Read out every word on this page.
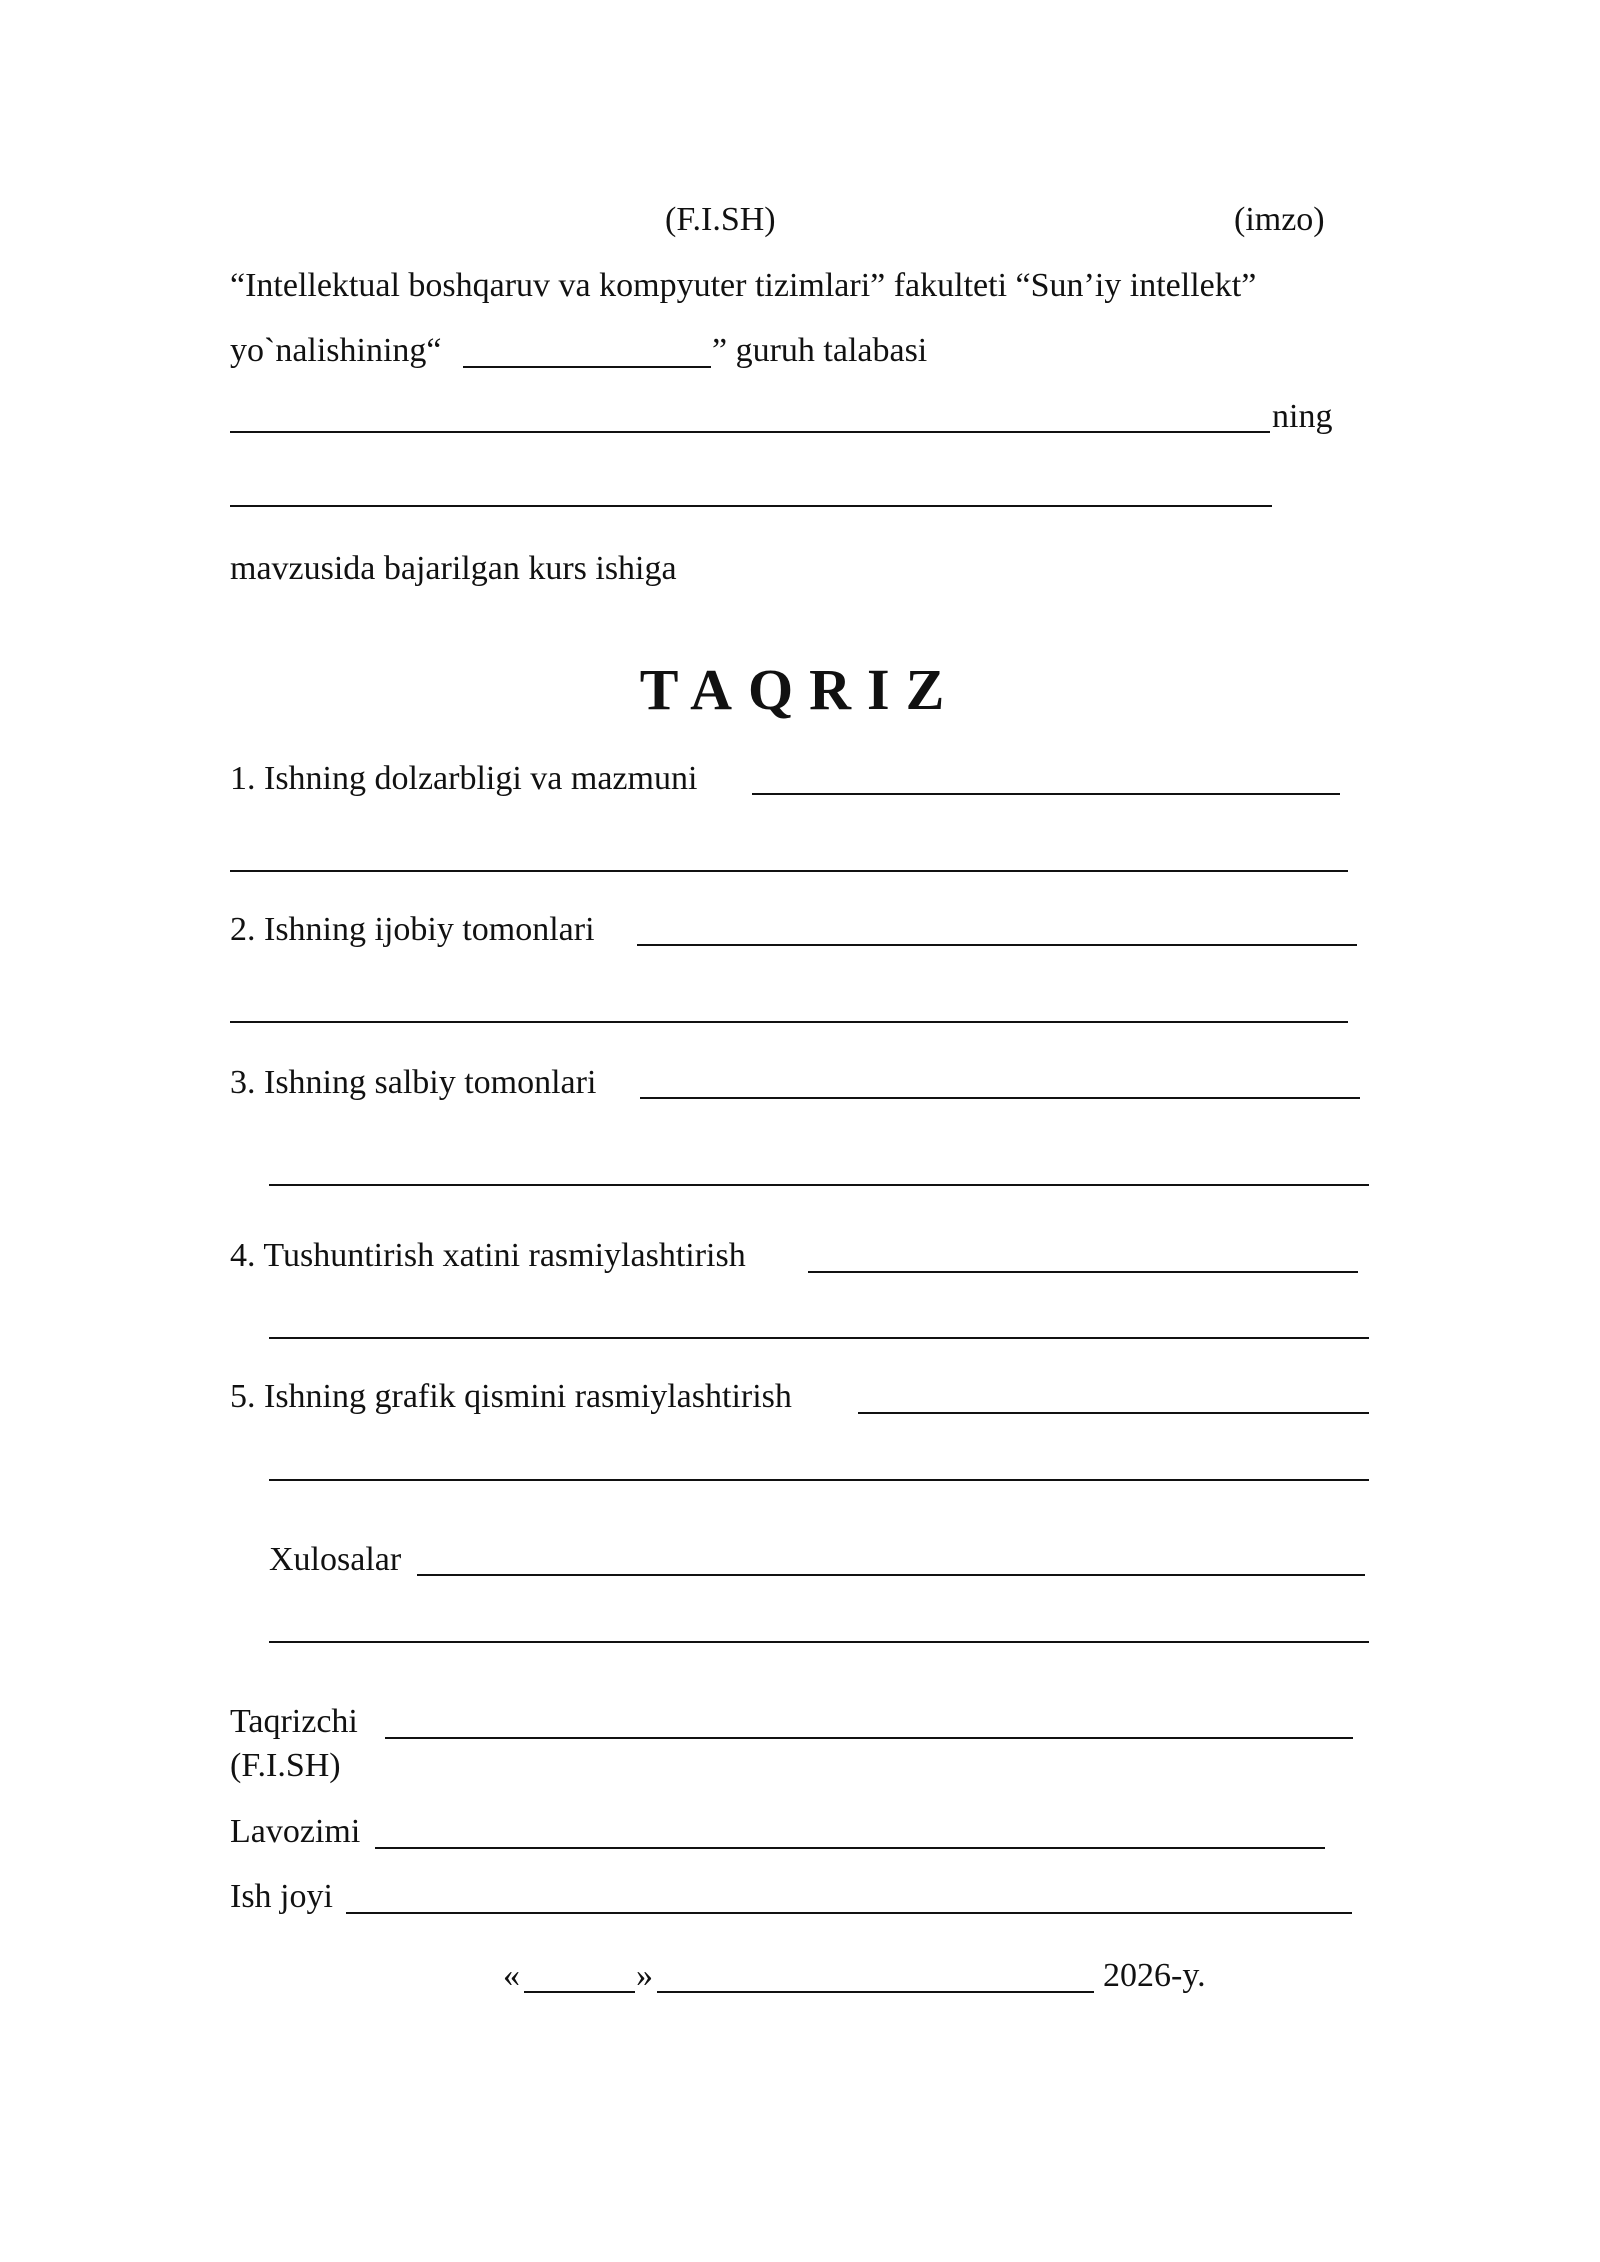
(F.I.SH)	(imzo)
“Intellektual boshqaruv va kompyuter tizimlari” fakulteti “Sun’iy intellekt”
yo`nalishining“	” guruh talabasi
ning
mavzusida bajarilgan kurs ishiga
TAQRIZ
1. Ishning dolzarbligi va mazmuni
2. Ishning ijobiy tomonlari
3. Ishning salbiy tomonlari
4. Tushuntirish xatini rasmiylashtirish
5. Ishning grafik qismini rasmiylashtirish
Xulosalar
Taqrizchi
(F.I.SH)
Lavozimi
Ish joyi
«	»	2026-y.
